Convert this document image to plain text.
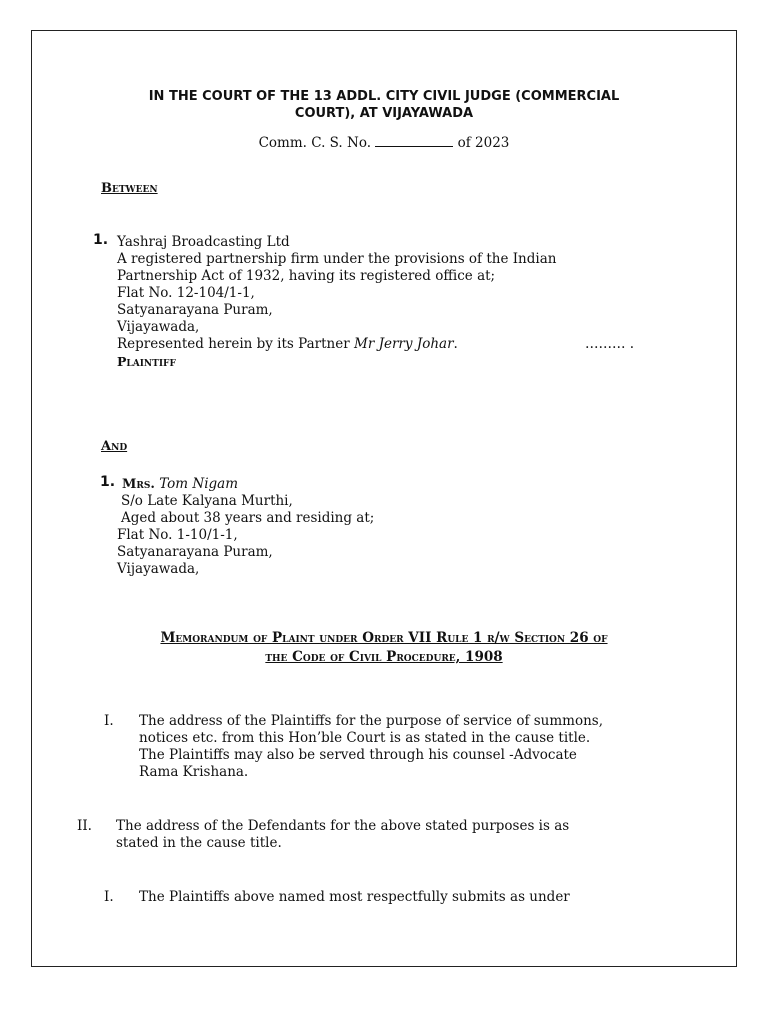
IN THE COURT OF THE 13 ADDL. CITY CIVIL JUDGE (COMMERCIAL
COURT), AT VIJAYAWADA
Comm. C. S. No.	of 2023
Between
1. Yashraj Broadcasting Ltd
A registered partnership firm under the provisions of the Indian
Partnership Act of 1932, having its registered office at;
Flat No. 12-104/1-1,
Satyanarayana Puram,
Vijayawada,
Represented herein by its Partner Mr Jerry Johar.	……… .
Plaintiff
And
1. Mrs. Tom Nigam
S/o Late Kalyana Murthi,
Aged about 38 years and residing at;
Flat No. 1-10/1-1,
Satyanarayana Puram,
Vijayawada,
Memorandum of Plaint under Order VII Rule 1 r/w Section 26 of
the Code of Civil Procedure, 1908
I. The address of the Plaintiffs for the purpose of service of summons,
notices etc. from this Hon’ble Court is as stated in the cause title.
The Plaintiffs may also be served through his counsel -Advocate
Rama Krishana.
II. The address of the Defendants for the above stated purposes is as
stated in the cause title.
I. The Plaintiffs above named most respectfully submits as under
